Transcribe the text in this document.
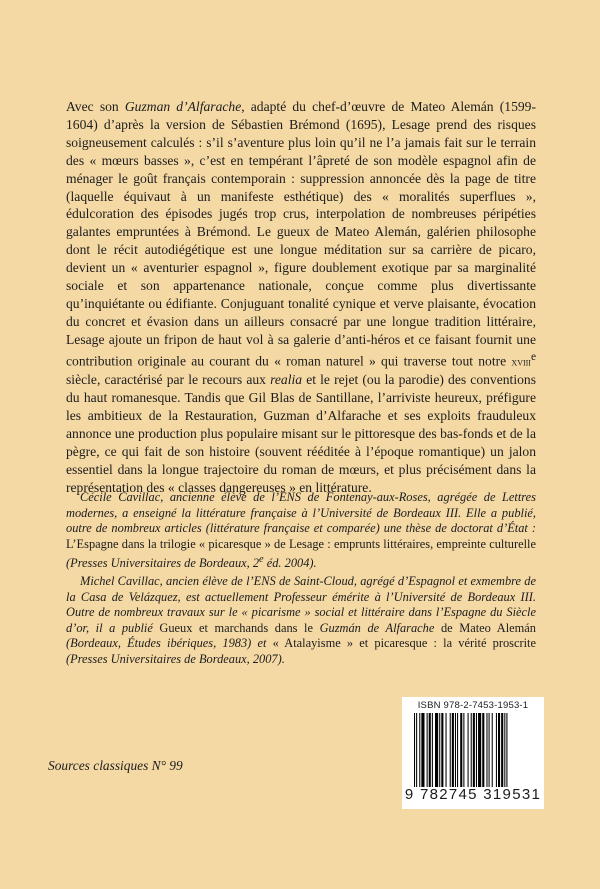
Avec son Guzman d’Alfarache, adapté du chef-d’œuvre de Mateo Alemán (1599-1604) d’après la version de Sébastien Brémond (1695), Lesage prend des risques soigneusement calculés : s’il s’aventure plus loin qu’il ne l’a jamais fait sur le terrain des « mœurs basses », c’est en tempérant l’âpreté de son modèle espagnol afin de ménager le goût français contemporain : suppression annoncée dès la page de titre (laquelle équivaut à un manifeste esthétique) des « moralités superflues », édulcoration des épisodes jugés trop crus, interpolation de nombreuses péripéties galantes empruntées à Brémond. Le gueux de Mateo Alemán, galérien philosophe dont le récit autodiégétique est une longue méditation sur sa carrière de picaro, devient un « aventurier espagnol », figure doublement exotique par sa marginalité sociale et son appartenance nationale, conçue comme plus divertissante qu’inquiétante ou édifiante. Conjuguant tonalité cynique et verve plaisante, évocation du concret et évasion dans un ailleurs consacré par une longue tradition littéraire, Lesage ajoute un fripon de haut vol à sa galerie d’anti-héros et ce faisant fournit une contribution originale au courant du « roman naturel » qui traverse tout notre xviii$^e$ siècle, caractérisé par le recours aux realia et le rejet (ou la parodie) des conventions du haut romanesque. Tandis que Gil Blas de Santillane, l’arriviste heureux, préfigure les ambitieux de la Restauration, Guzman d’Alfarache et ses exploits frauduleux annonce une production plus populaire misant sur le pittoresque des bas-fonds et de la pègre, ce qui fait de son histoire (souvent rééditée à l’époque romantique) un jalon essentiel dans la longue trajectoire du roman de mœurs, et plus précisément dans la représentation des « classes dangereuses » en littérature.

Cécile Cavillac, ancienne élève de l’ENS de Fontenay-aux-Roses, agrégée de Lettres modernes, a enseigné la littérature française à l’Université de Bordeaux III. Elle a publié, outre de nombreux articles (littérature française et comparée) une thèse de doctorat d’État : L’Espagne dans la trilogie « picaresque » de Lesage : emprunts littéraires, empreinte culturelle (Presses Universitaires de Bordeaux, 2e éd. 2004).

Michel Cavillac, ancien élève de l’ENS de Saint-Cloud, agrégé d’Espagnol et exmembre de la Casa de Velázquez, est actuellement Professeur émérite à l’Université de Bordeaux III. Outre de nombreux travaux sur le « picarisme » social et littéraire dans l’Espagne du Siècle d’or, il a publié Gueux et marchands dans le Guzmán de Alfarache de Mateo Alemán (Bordeaux, Études ibériques, 1983) et « Atalayisme » et picaresque : la vérité proscrite (Presses Universitaires de Bordeaux, 2007).

Sources classiques N° 99
ISBN 978-2-7453-1953-1
9 782745 319531
